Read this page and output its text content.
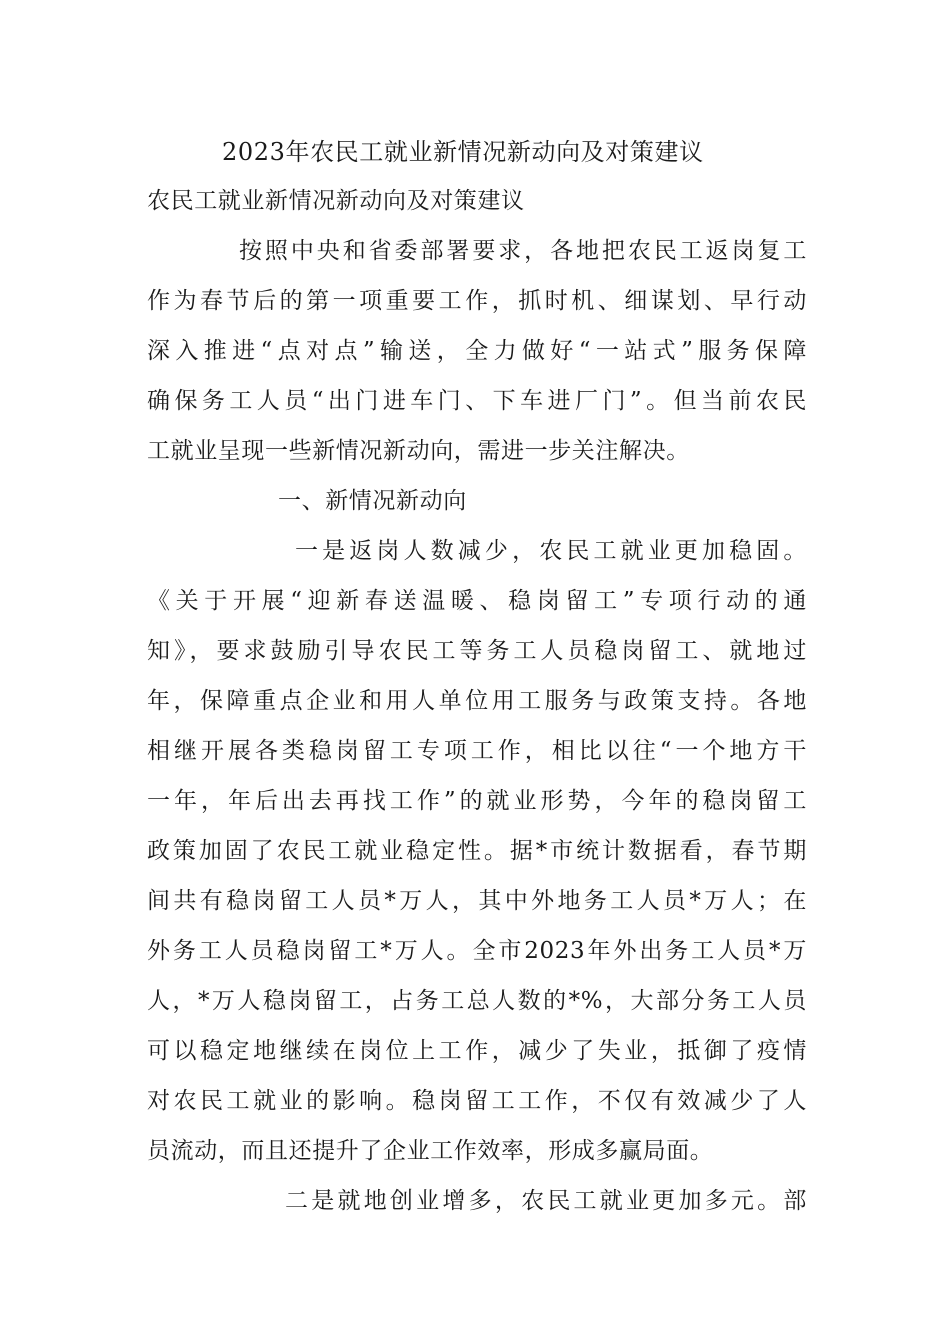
2023年农民工就业新情况新动向及对策建议
农民工就业新情况新动向及对策建议
按照中央和省委部署要求，各地把农民工返岗复工
作为春节后的第一项重要工作，抓时机、细谋划、早行动
深入推进“点对点”输送，全力做好“一站式”服务保障
确保务工人员“出门进车门、下车进厂门”。但当前农民
工就业呈现一些新情况新动向，需进一步关注解决。
一、新情况新动向
一是返岗人数减少，农民工就业更加稳固。
《关于开展“迎新春送温暖、稳岗留工”专项行动的通
知》，要求鼓励引导农民工等务工人员稳岗留工、就地过
年，保障重点企业和用人单位用工服务与政策支持。各地
相继开展各类稳岗留工专项工作，相比以往“一个地方干
一年，年后出去再找工作”的就业形势，今年的稳岗留工
政策加固了农民工就业稳定性。据*市统计数据看，春节期
间共有稳岗留工人员*万人，其中外地务工人员*万人；在
外务工人员稳岗留工*万人。全市2023年外出务工人员*万
人，*万人稳岗留工，占务工总人数的*%，大部分务工人员
可以稳定地继续在岗位上工作，减少了失业，抵御了疫情
对农民工就业的影响。稳岗留工工作，不仅有效减少了人
员流动，而且还提升了企业工作效率，形成多赢局面。
二是就地创业增多，农民工就业更加多元。部
